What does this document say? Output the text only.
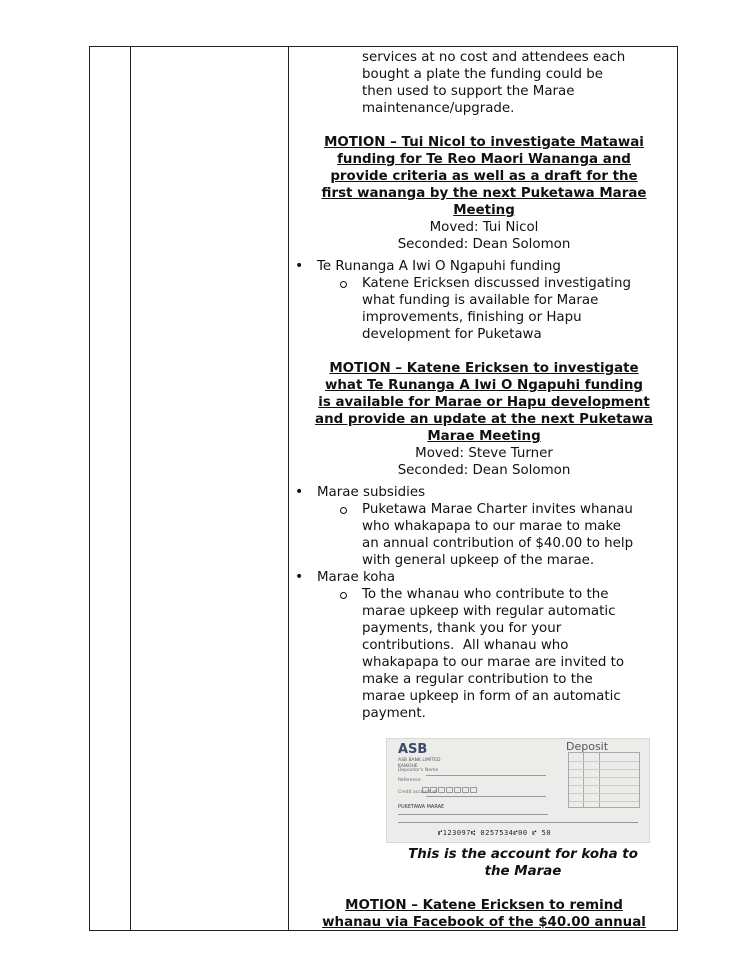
services at no cost and attendees each
bought a plate the funding could be
then used to support the Marae
maintenance/upgrade.
MOTION – Tui Nicol to investigate Matawai
funding for Te Reo Maori Wananga and
provide criteria as well as a draft for the
first wananga by the next Puketawa Marae
Meeting
Moved: Tui Nicol
Seconded: Dean Solomon
• Te Runanga A Iwi O Ngapuhi funding
Katene Ericksen discussed investigating
what funding is available for Marae
improvements, finishing or Hapu
development for Puketawa
MOTION – Katene Ericksen to investigate
what Te Runanga A Iwi O Ngapuhi funding
is available for Marae or Hapu development
and provide an update at the next Puketawa
Marae Meeting
Moved: Steve Turner
Seconded: Dean Solomon
• Marae subsidies
Puketawa Marae Charter invites whanau
who whakapapa to our marae to make
an annual contribution of $40.00 to help
with general upkeep of the marae.
• Marae koha
To the whanau who contribute to the
marae upkeep with regular automatic
payments, thank you for your
contributions.  All whanau who
whakapapa to our marae are invited to
make a regular contribution to the
marae upkeep in form of an automatic
payment.
ASB
ASB BANK LIMITED
KAIKOHE
Deposit
Depositor's Name
Reference
Credit account of
PUKETAWA MARAE
⑈123097⑆ 0257534⑈00 ⑈ 50
This is the account for koha to
the Marae
MOTION – Katene Ericksen to remind
whanau via Facebook of the $40.00 annual
